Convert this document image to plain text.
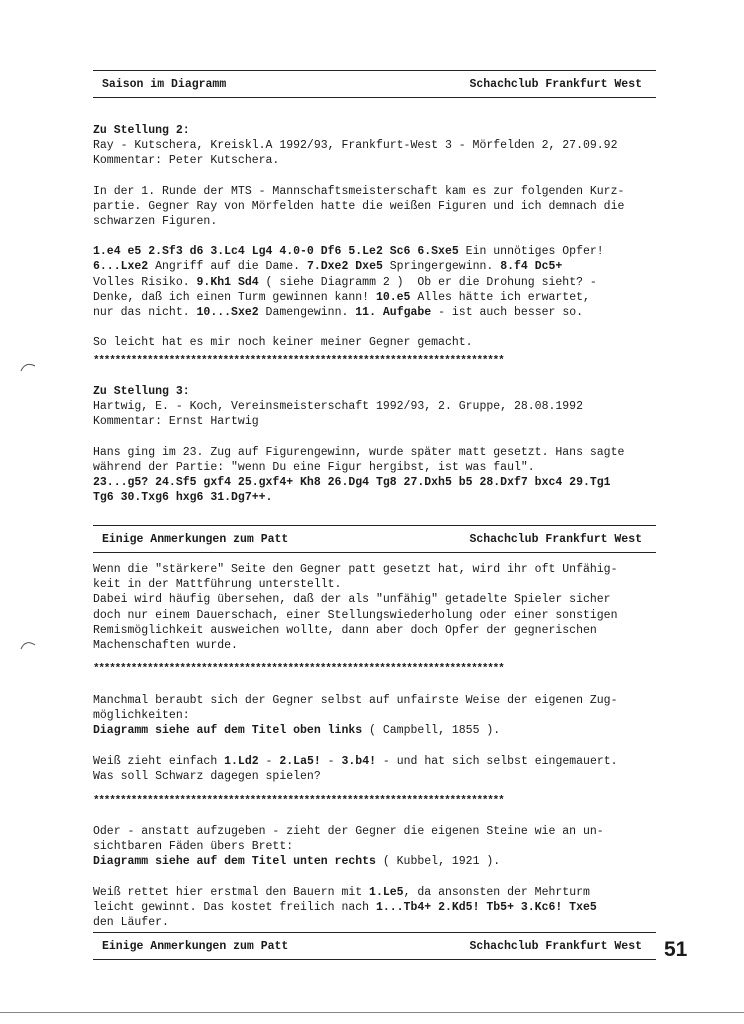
Saison im Diagramm	Schachclub Frankfurt West
Zu Stellung 2:
Ray - Kutschera, Kreiskl.A 1992/93, Frankfurt-West 3 - Mörfelden 2, 27.09.92
Kommentar: Peter Kutschera.
In der 1. Runde der MTS - Mannschaftsmeisterschaft kam es zur folgenden Kurz-
partie. Gegner Ray von Mörfelden hatte die weißen Figuren und ich demnach die
schwarzen Figuren.
1.e4 e5 2.Sf3 d6 3.Lc4 Lg4 4.0-0 Df6 5.Le2 Sc6 6.Sxe5 Ein unnötiges Opfer!
6...Lxe2 Angriff auf die Dame. 7.Dxe2 Dxe5 Springergewinn. 8.f4 Dc5+
Volles Risiko. 9.Kh1 Sd4 ( siehe Diagramm 2 )  Ob er die Drohung sieht? -
Denke, daß ich einen Turm gewinnen kann! 10.e5 Alles hätte ich erwartet,
nur das nicht. 10...Sxe2 Damengewinn. 11. Aufgabe - ist auch besser so.
So leicht hat es mir noch keiner meiner Gegner gemacht.
****************************************************************************
Zu Stellung 3:
Hartwig, E. - Koch, Vereinsmeisterschaft 1992/93, 2. Gruppe, 28.08.1992
Kommentar: Ernst Hartwig
Hans ging im 23. Zug auf Figurengewinn, wurde später matt gesetzt. Hans sagte
während der Partie: "wenn Du eine Figur hergibst, ist was faul".
23...g5? 24.Sf5 gxf4 25.gxf4+ Kh8 26.Dg4 Tg8 27.Dxh5 b5 28.Dxf7 bxc4 29.Tg1
Tg6 30.Txg6 hxg6 31.Dg7++.
Einige Anmerkungen zum Patt	Schachclub Frankfurt West
Wenn die "stärkere" Seite den Gegner patt gesetzt hat, wird ihr oft Unfähig-
keit in der Mattführung unterstellt.
Dabei wird häufig übersehen, daß der als "unfähig" getadelte Spieler sicher
doch nur einem Dauerschach, einer Stellungswiederholung oder einer sonstigen
Remismöglichkeit ausweichen wollte, dann aber doch Opfer der gegnerischen
Machenschaften wurde.
****************************************************************************
Manchmal beraubt sich der Gegner selbst auf unfairste Weise der eigenen Zug-
möglichkeiten:
Diagramm siehe auf dem Titel oben links ( Campbell, 1855 ).
Weiß zieht einfach 1.Ld2 - 2.La5! - 3.b4! - und hat sich selbst eingemauert.
Was soll Schwarz dagegen spielen?
****************************************************************************
Oder - anstatt aufzugeben - zieht der Gegner die eigenen Steine wie an un-
sichtbaren Fäden übers Brett:
Diagramm siehe auf dem Titel unten rechts ( Kubbel, 1921 ).
Weiß rettet hier erstmal den Bauern mit 1.Le5, da ansonsten der Mehrturm
leicht gewinnt. Das kostet freilich nach 1...Tb4+ 2.Kd5! Tb5+ 3.Kc6! Txe5
den Läufer.
Einige Anmerkungen zum Patt	Schachclub Frankfurt West 51
